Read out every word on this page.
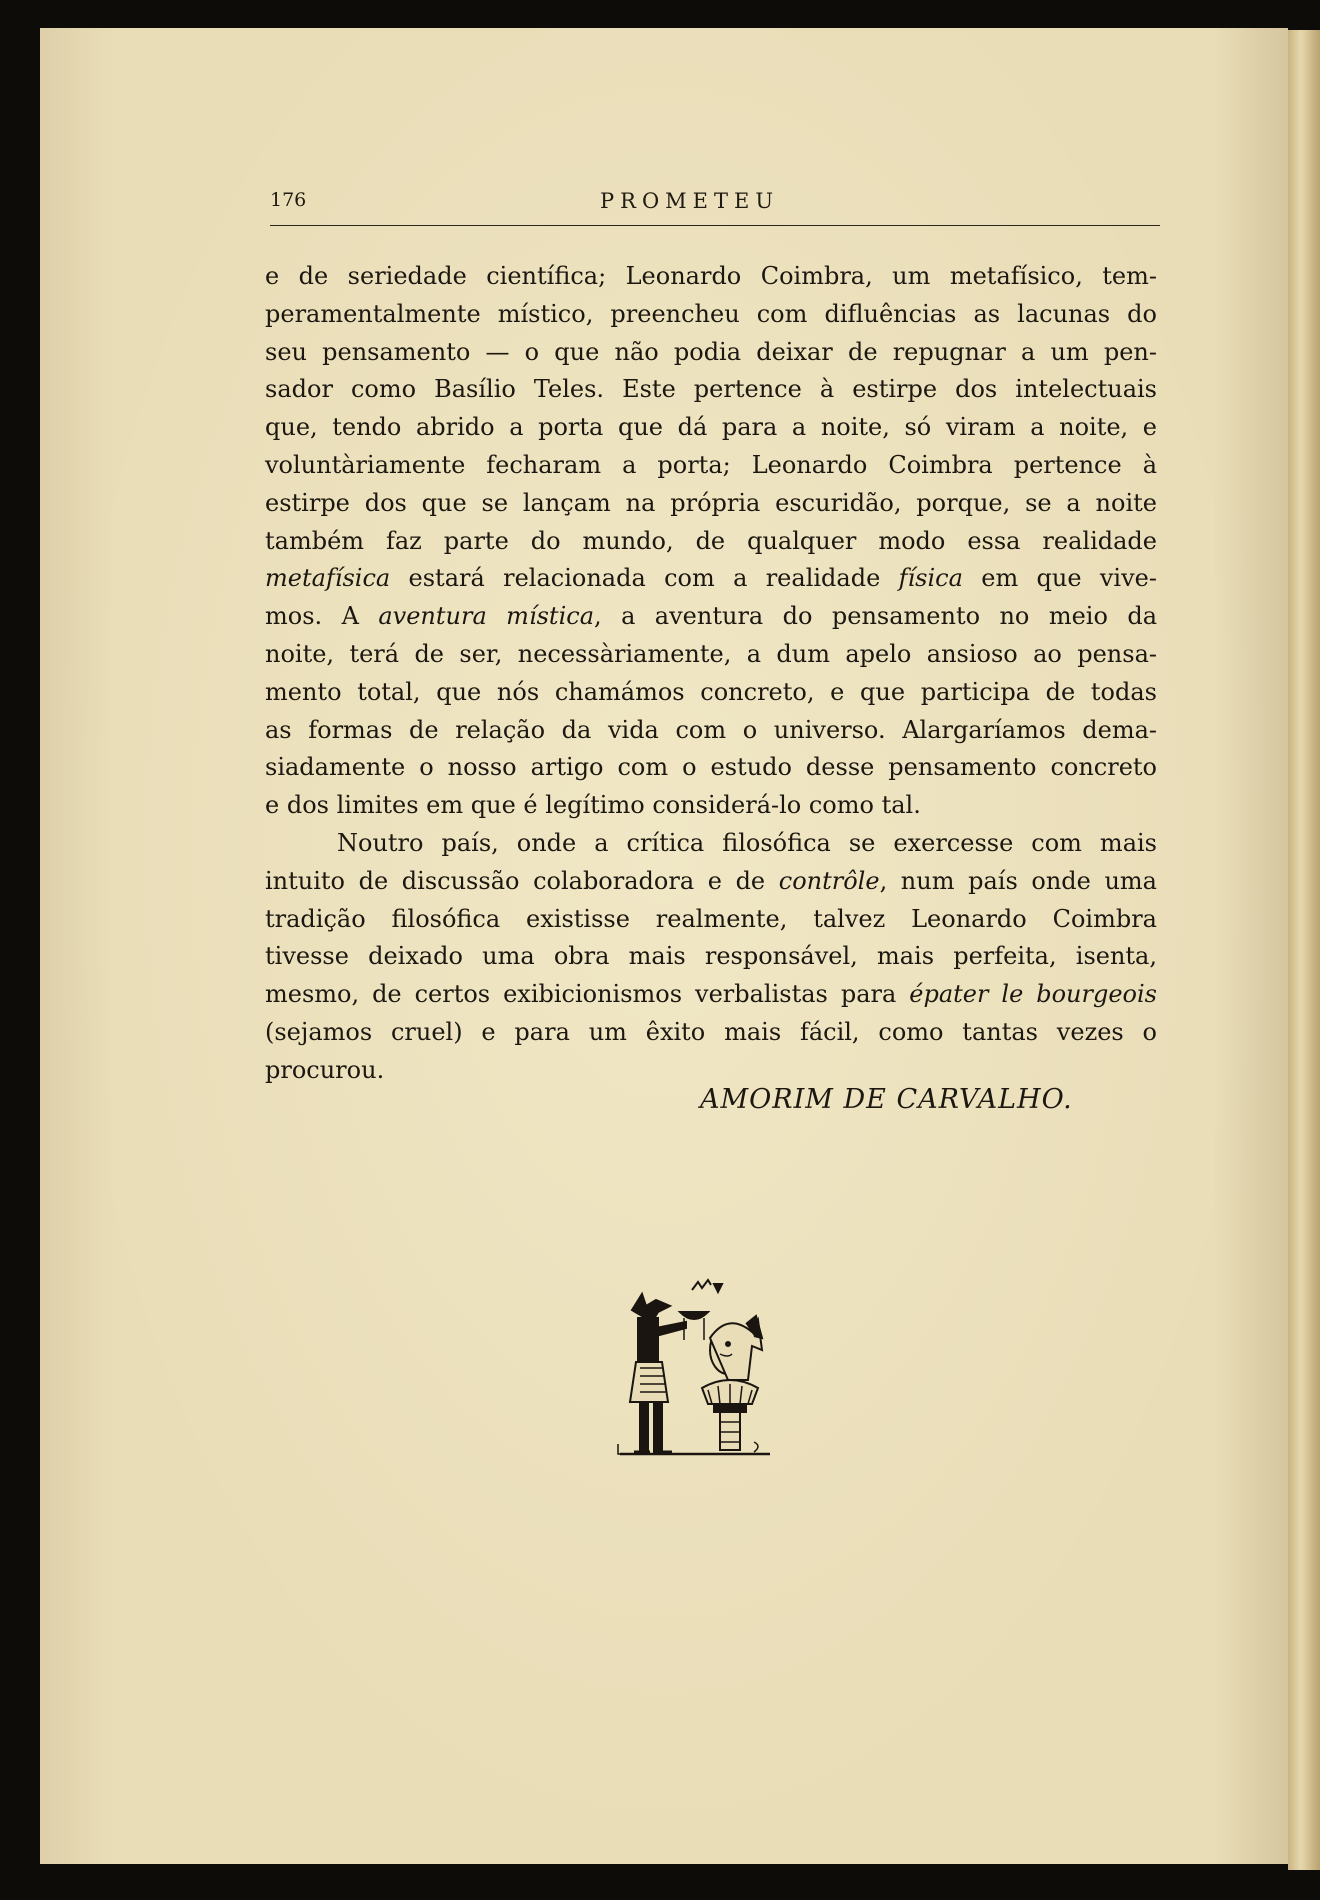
176	PROMETEU
e de seriedade científica; Leonardo Coimbra, um metafísico, tem-
peramentalmente místico, preencheu com difluências as lacunas do
seu pensamento — o que não podia deixar de repugnar a um pen-
sador como Basílio Teles. Este pertence à estirpe dos intelectuais
que, tendo abrido a porta que dá para a noite, só viram a noite, e
voluntàriamente fecharam a porta; Leonardo Coimbra pertence à
estirpe dos que se lançam na própria escuridão, porque, se a noite
também faz parte do mundo, de qualquer modo essa realidade
metafísica estará relacionada com a realidade física em que vive-
mos. A aventura mística, a aventura do pensamento no meio da
noite, terá de ser, necessàriamente, a dum apelo ansioso ao pensa-
mento total, que nós chamámos concreto, e que participa de todas
as formas de relação da vida com o universo. Alargaríamos dema-
siadamente o nosso artigo com o estudo desse pensamento concreto
e dos limites em que é legítimo considerá-lo como tal.
Noutro país, onde a crítica filosófica se exercesse com mais
intuito de discussão colaboradora e de contrôle, num país onde uma
tradição filosófica existisse realmente, talvez Leonardo Coimbra
tivesse deixado uma obra mais responsável, mais perfeita, isenta,
mesmo, de certos exibicionismos verbalistas para épater le bourgeois
(sejamos cruel) e para um êxito mais fácil, como tantas vezes o
procurou.
AMORIM DE CARVALHO.
